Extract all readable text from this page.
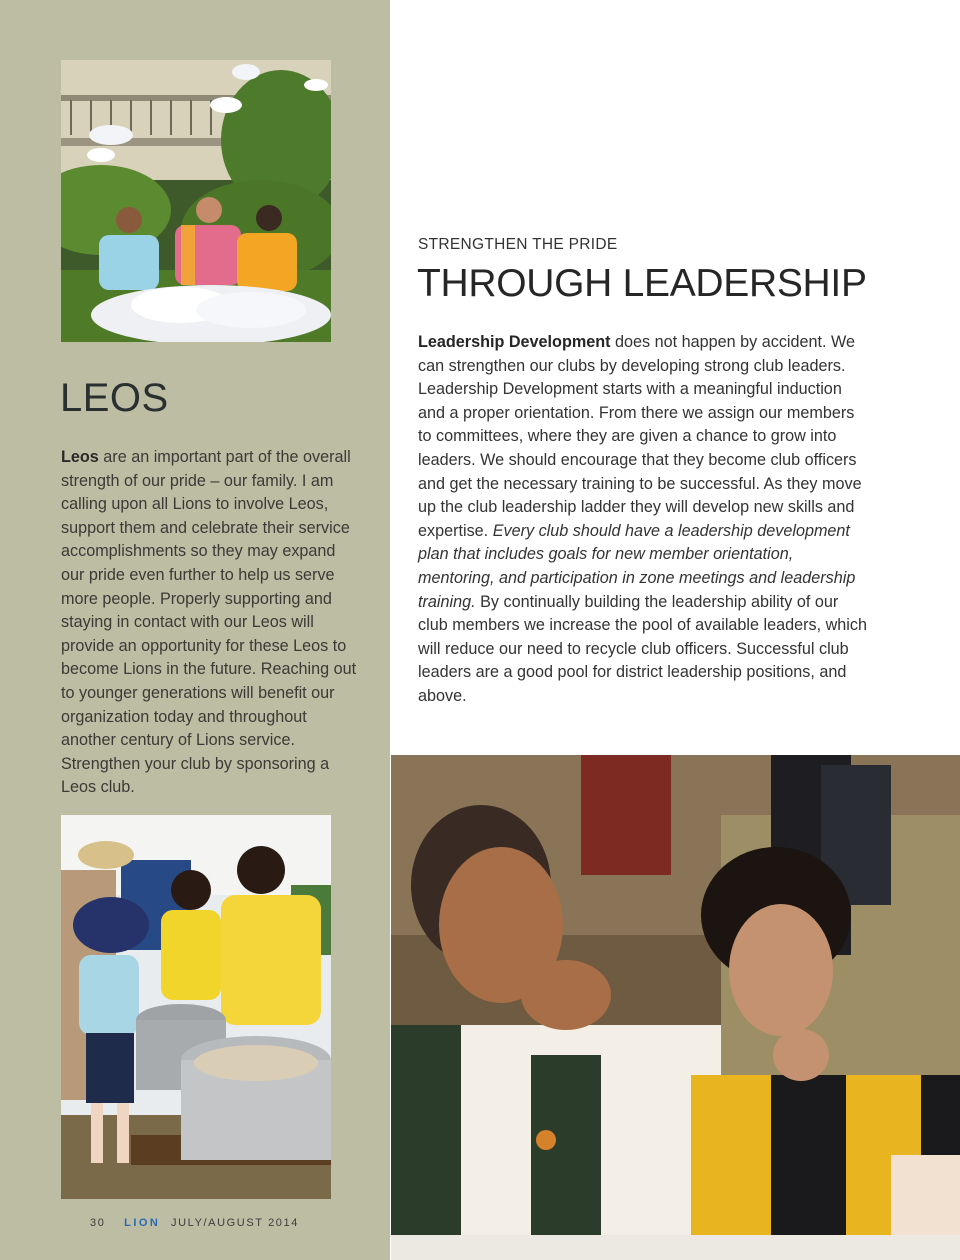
LEOS

Leos are an important part of the overall strength of our pride – our family. I am calling upon all Lions to involve Leos, support them and celebrate their service accomplishments so they may expand our pride even further to help us serve more people. Properly supporting and staying in contact with our Leos will provide an opportunity for these Leos to become Lions in the future. Reaching out to younger generations will benefit our organization today and throughout another century of Lions service. Strengthen your club by sponsoring a Leos club.

STRENGTHEN THE PRIDE

THROUGH LEADERSHIP

Leadership Development does not happen by accident. We can strengthen our clubs by developing strong club leaders. Leadership Development starts with a meaningful induction and a proper orientation. From there we assign our members to committees, where they are given a chance to grow into leaders. We should encourage that they become club officers and get the necessary training to be successful. As they move up the club leadership ladder they will develop new skills and expertise. Every club should have a leadership development plan that includes goals for new member orientation, mentoring, and participation in zone meetings and leadership training. By continually building the leadership ability of our club members we increase the pool of available leaders, which will reduce our need to recycle club officers. Successful club leaders are a good pool for district leadership positions, and above.

30 LION JULY/AUGUST 2014
